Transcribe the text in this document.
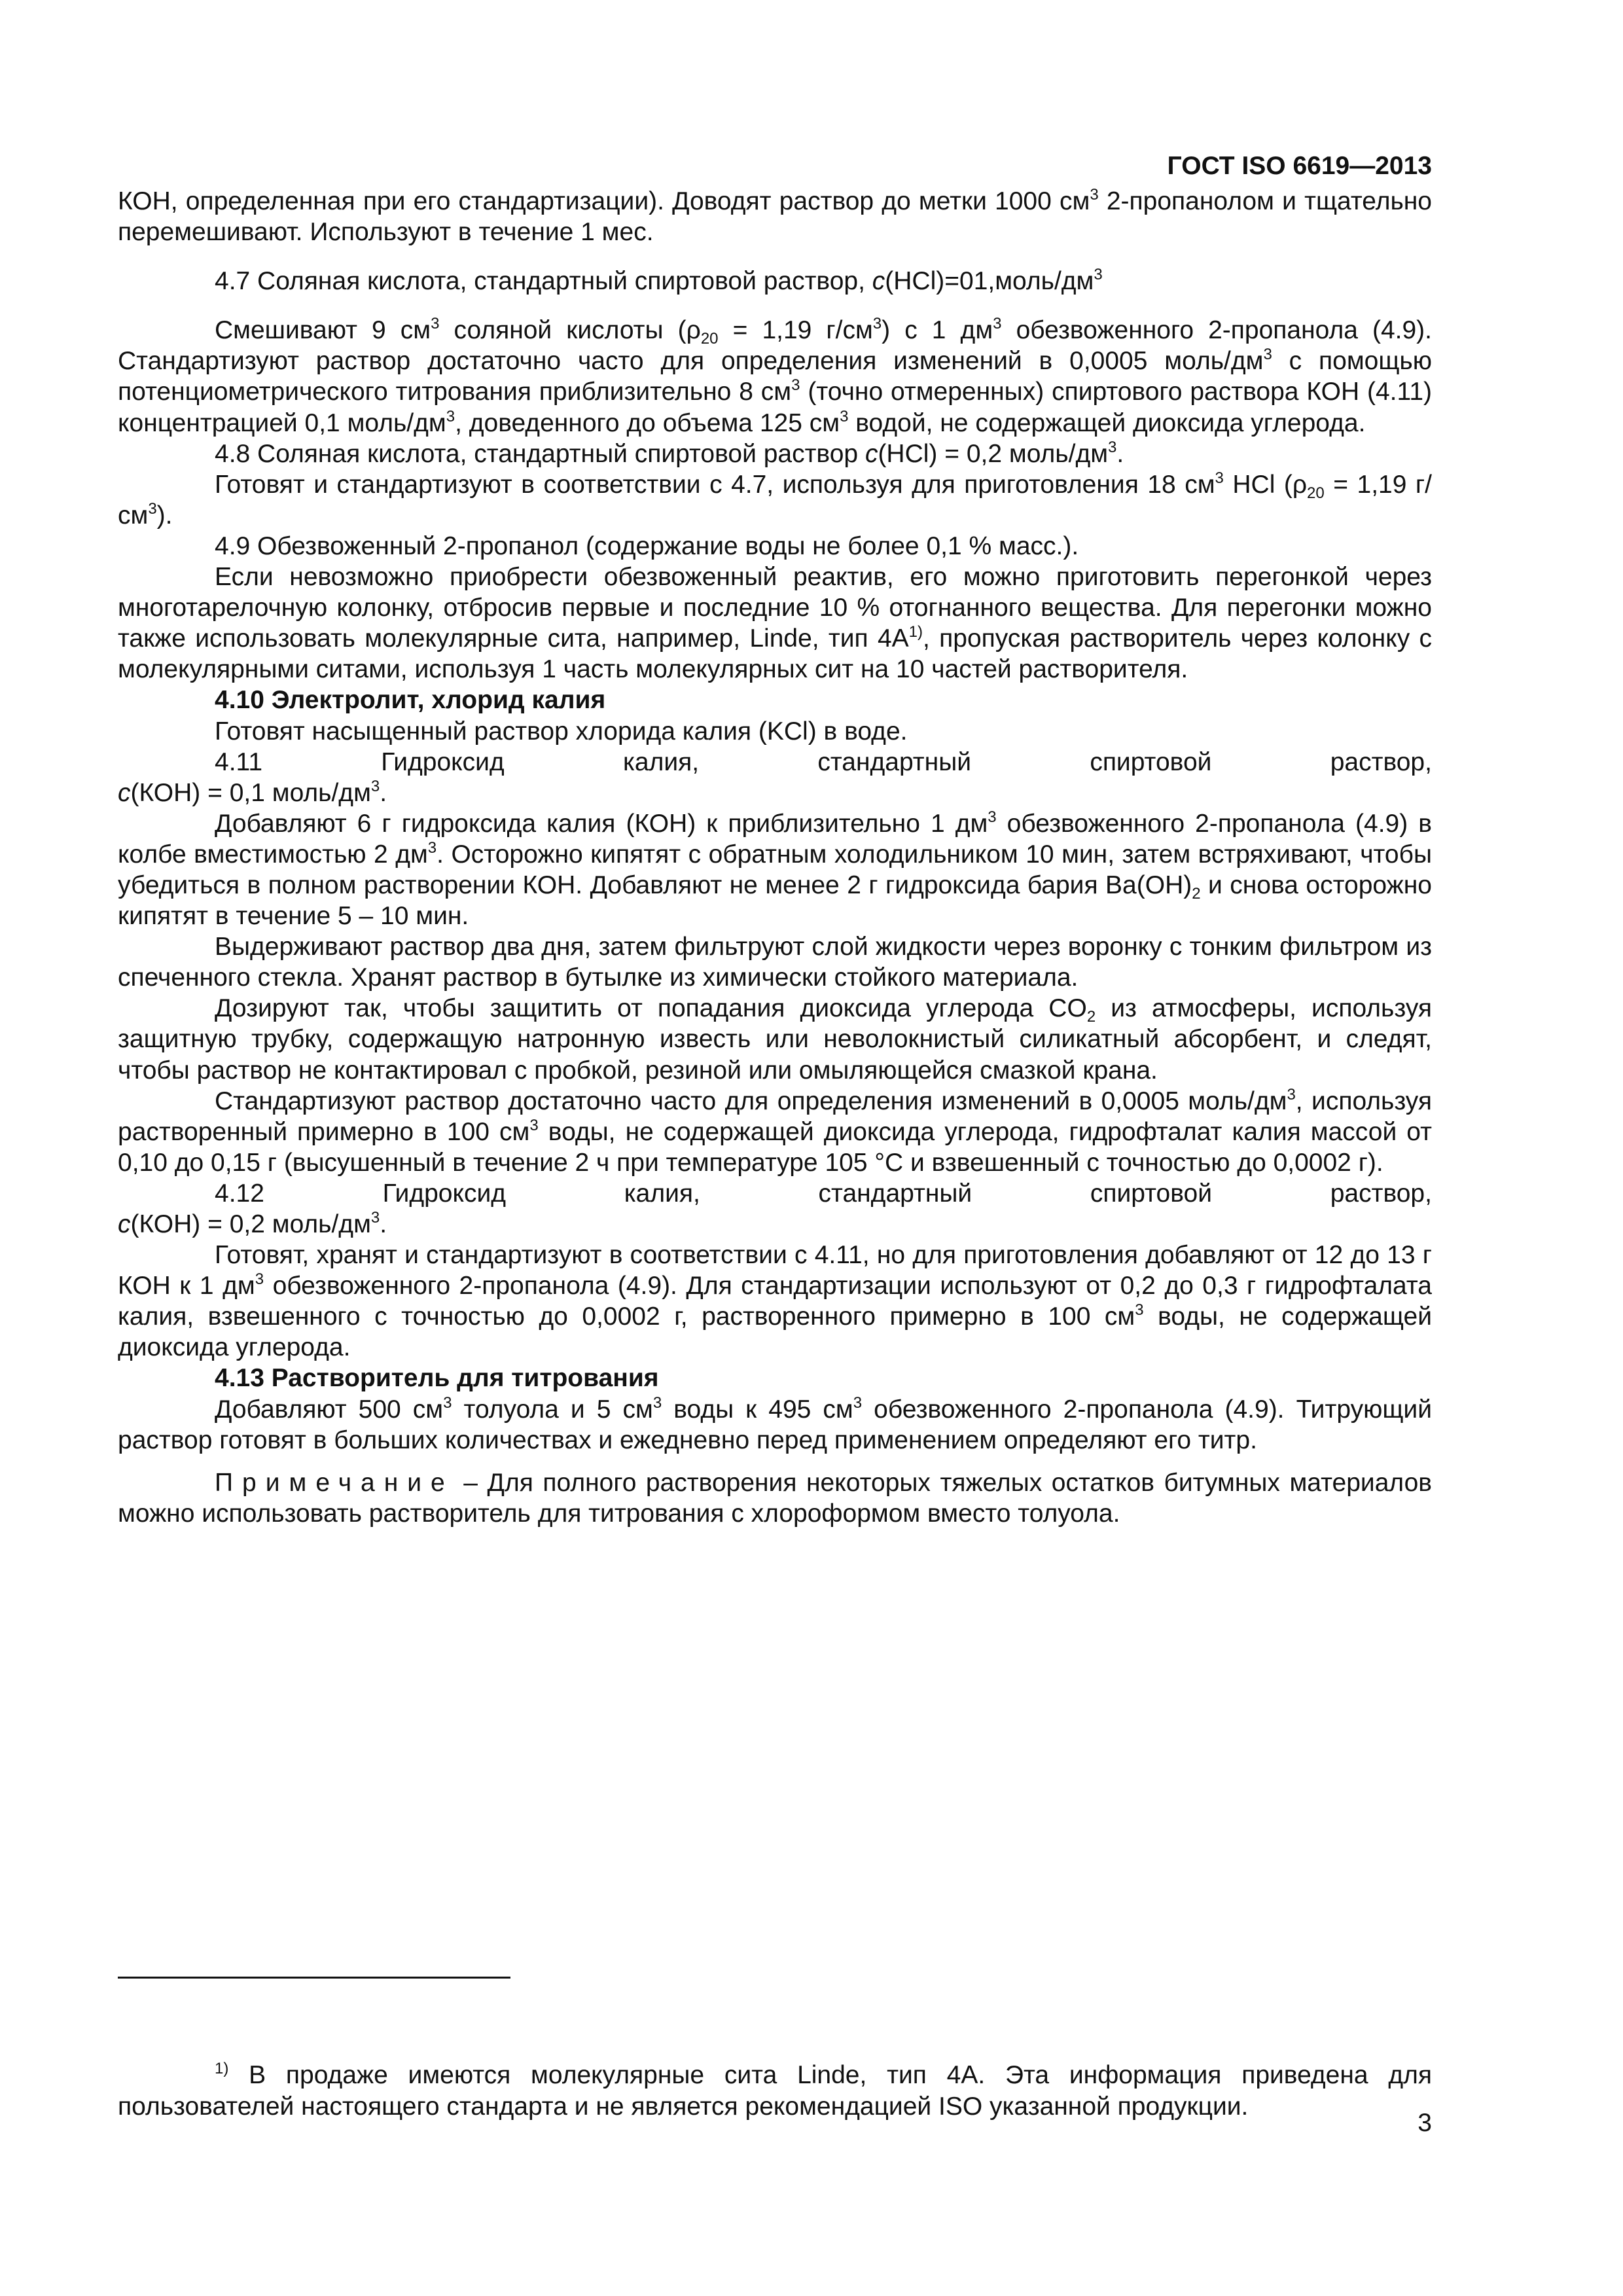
ГОСТ ISO 6619—2013

КОН, определенная при его стандартизации). Доводят раствор до метки 1000 $см^3$ 2-пропанолом и тщательно перемешивают. Используют в течение 1 мес.

4.7 Соляная кислота, стандартный спиртовой раствор, $c(HCl)=01,моль/дм^3$

Смешивают 9 $см^3$ соляной кислоты ($\rho_{20} = 1,19$ $г/см^3$) с 1 $дм^3$ обезвоженного 2-пропанола (4.9). Стандартизуют раствор достаточно часто для определения изменений в 0,0005 моль/$дм^3$ с помощью потенциометрического титрования приблизительно 8 $см^3$ (точно отмеренных) спиртового раствора КОН (4.11) концентрацией 0,1 моль/$дм^3$, доведенного до объема 125 $см^3$ водой, не содержащей диоксида углерода.

4.8 Соляная кислота, стандартный спиртовой раствор c(HCl) = 0,2 моль/$дм^3$.

Готовят и стандартизуют в соответствии с 4.7, используя для приготовления 18 $см^3$ HCl ($\rho_{20} = 1,19$ $г/см^3$).

4.9 Обезвоженный 2-пропанол (содержание воды не более 0,1 % масс.).

Если невозможно приобрести обезвоженный реактив, его можно приготовить перегонкой через многотарелочную колонку, отбросив первые и последние 10 % отогнанного вещества. Для перегонки можно также использовать молекулярные сита, например, Linde, тип $4А^{1)}$, пропуская растворитель через колонку с молекулярными ситами, используя 1 часть молекулярных сит на 10 частей растворителя.

4.10 Электролит, хлорид калия

Готовят насыщенный раствор хлорида калия (KCl) в воде.

4.11	Гидроксид	калия,	стандартный	спиртовой	раствор,

c(КОН) = 0,1 моль/$дм^3$.

Добавляют 6 г гидроксида калия (КОН) к приблизительно 1 $дм^3$ обезвоженного 2-пропанола (4.9) в колбе вместимостью 2 $дм^3$. Осторожно кипятят с обратным холодильником 10 мин, затем встряхивают, чтобы убедиться в полном растворении КОН. Добавляют не менее 2 г гидроксида бария $Ba(OH)_2$ и снова осторожно кипятят в течение 5 – 10 мин.

Выдерживают раствор два дня, затем фильтруют слой жидкости через воронку с тонким фильтром из спеченного стекла. Хранят раствор в бутылке из химически стойкого материала.

Дозируют так, чтобы защитить от попадания диоксида углерода $CO_2$ из атмосферы, используя защитную трубку, содержащую натронную известь или неволокнистый силикатный абсорбент, и следят, чтобы раствор не контактировал с пробкой, резиной или омыляющейся смазкой крана.

Стандартизуют раствор достаточно часто для определения изменений в 0,0005 моль/$дм^3$, используя растворенный примерно в 100 $см^3$ воды, не содержащей диоксида углерода, гидрофталат калия массой от 0,10 до 0,15 г (высушенный в течение 2 ч при температуре 105 °С и взвешенный с точностью до 0,0002 г).

4.12	Гидроксид	калия,	стандартный	спиртовой	раствор,

c(КОН) = 0,2 моль/$дм^3$.

Готовят, хранят и стандартизуют в соответствии с 4.11, но для приготовления добавляют от 12 до 13 г КОН к 1 $дм^3$ обезвоженного 2-пропанола (4.9). Для стандартизации используют от 0,2 до 0,3 г гидрофталата калия, взвешенного с точностью до 0,0002 г, растворенного примерно в 100 $см^3$ воды, не содержащей диоксида углерода.

4.13 Растворитель для титрования

Добавляют 500 $см^3$ толуола и 5 $см^3$ воды к 495 $см^3$ обезвоженного 2-пропанола (4.9). Титрующий раствор готовят в больших количествах и ежедневно перед применением определяют его титр.

Примечание – Для полного растворения некоторых тяжелых остатков битумных материалов можно использовать растворитель для титрования с хлороформом вместо толуола.

$^{1)}$ В продаже имеются молекулярные сита Linde, тип 4А. Эта информация приведена для пользователей настоящего стандарта и не является рекомендацией ISO указанной продукции.

3
